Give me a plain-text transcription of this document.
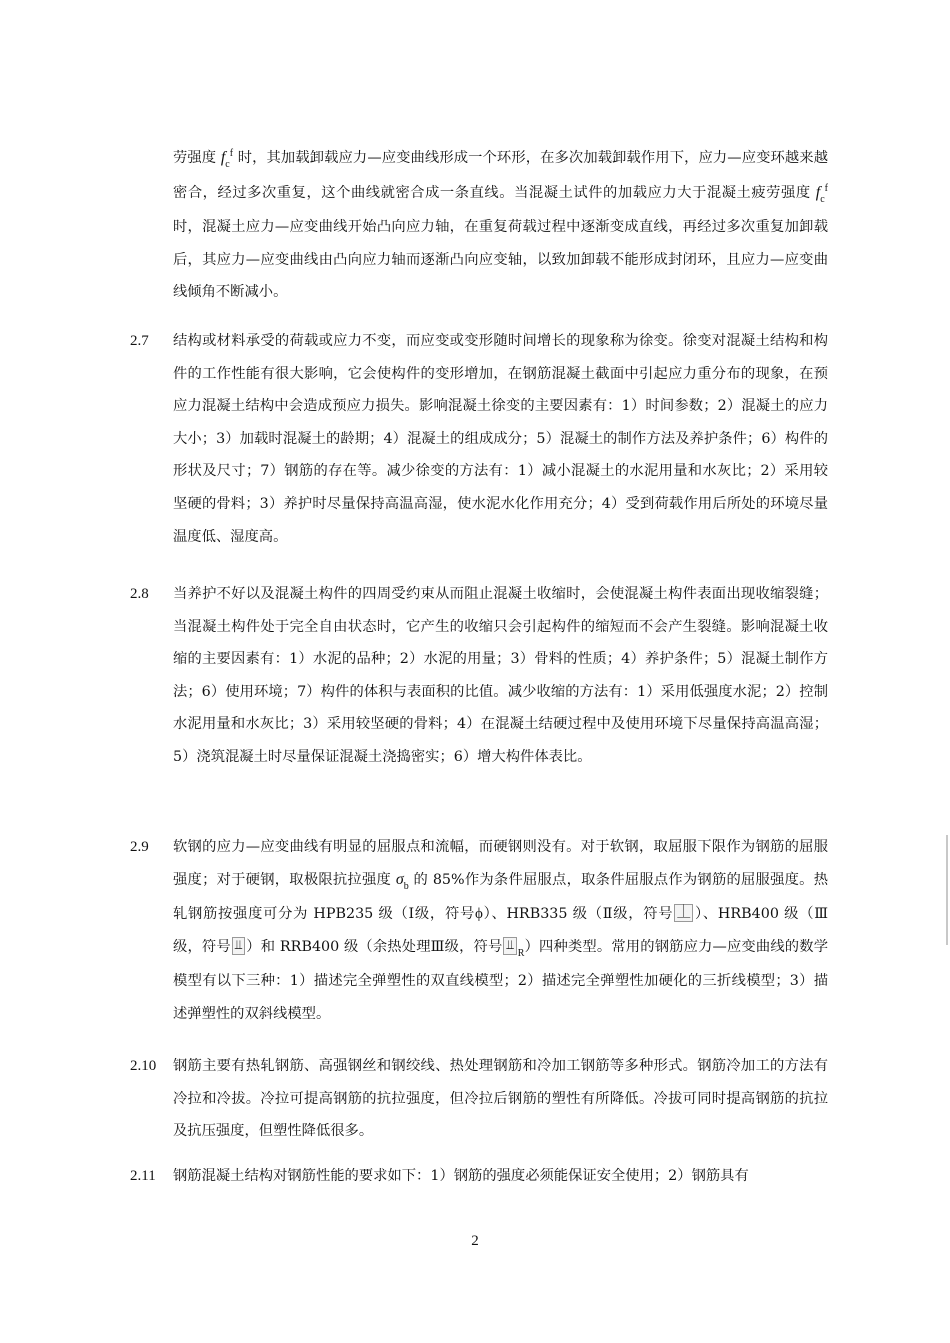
劳强度 $f_c^f$ 时，其加载卸载应力—应变曲线形成一个环形，在多次加载卸载作用下，应力—应变环越来越密合，经过多次重复，这个曲线就密合成一条直线。当混凝土试件的加载应力大于混凝土疲劳强度 $f_c^f$ 时，混凝土应力—应变曲线开始凸向应力轴，在重复荷载过程中逐渐变成直线，再经过多次重复加卸载后，其应力—应变曲线由凸向应力轴而逐渐凸向应变轴，以致加卸载不能形成封闭环，且应力—应变曲线倾角不断减小。
2.7	结构或材料承受的荷载或应力不变，而应变或变形随时间增长的现象称为徐变。徐变对混凝土结构和构件的工作性能有很大影响，它会使构件的变形增加，在钢筋混凝土截面中引起应力重分布的现象，在预应力混凝土结构中会造成预应力损失。影响混凝土徐变的主要因素有：1）时间参数；2）混凝土的应力大小；3）加载时混凝土的龄期；4）混凝土的组成成分；5）混凝土的制作方法及养护条件；6）构件的形状及尺寸；7）钢筋的存在等。减少徐变的方法有：1）减小混凝土的水泥用量和水灰比；2）采用较坚硬的骨料；3）养护时尽量保持高温高湿，使水泥水化作用充分；4）受到荷载作用后所处的环境尽量温度低、湿度高。
2.8	当养护不好以及混凝土构件的四周受约束从而阻止混凝土收缩时，会使混凝土构件表面出现收缩裂缝；当混凝土构件处于完全自由状态时，它产生的收缩只会引起构件的缩短而不会产生裂缝。影响混凝土收缩的主要因素有：1）水泥的品种；2）水泥的用量；3）骨料的性质；4）养护条件；5）混凝土制作方法；6）使用环境；7）构件的体积与表面积的比值。减少收缩的方法有：1）采用低强度水泥；2）控制水泥用量和水灰比；3）采用较坚硬的骨料；4）在混凝土结硬过程中及使用环境下尽量保持高温高湿；5）浇筑混凝土时尽量保证混凝土浇捣密实；6）增大构件体表比。
2.9	软钢的应力—应变曲线有明显的屈服点和流幅，而硬钢则没有。对于软钢，取屈服下限作为钢筋的屈服强度；对于硬钢，取极限抗拉强度 $\sigma_b$ 的 85%作为条件屈服点，取条件屈服点作为钢筋的屈服强度。热轧钢筋按强度可分为 HPB235 级（Ⅰ级，符号ϕ）、HRB335 级（Ⅱ级，符号 ⏊ ）、HRB400 级（Ⅲ级，符号 ⫫ ）和 RRB400 级（余热处理Ⅲ级，符号 $⫫_R$）四种类型。常用的钢筋应力—应变曲线的数学模型有以下三种：1）描述完全弹塑性的双直线模型；2）描述完全弹塑性加硬化的三折线模型；3）描述弹塑性的双斜线模型。
2.10	钢筋主要有热轧钢筋、高强钢丝和钢绞线、热处理钢筋和冷加工钢筋等多种形式。钢筋冷加工的方法有冷拉和冷拔。冷拉可提高钢筋的抗拉强度，但冷拉后钢筋的塑性有所降低。冷拔可同时提高钢筋的抗拉及抗压强度，但塑性降低很多。
2.11	钢筋混凝土结构对钢筋性能的要求如下：1）钢筋的强度必须能保证安全使用；2）钢筋具有
2
